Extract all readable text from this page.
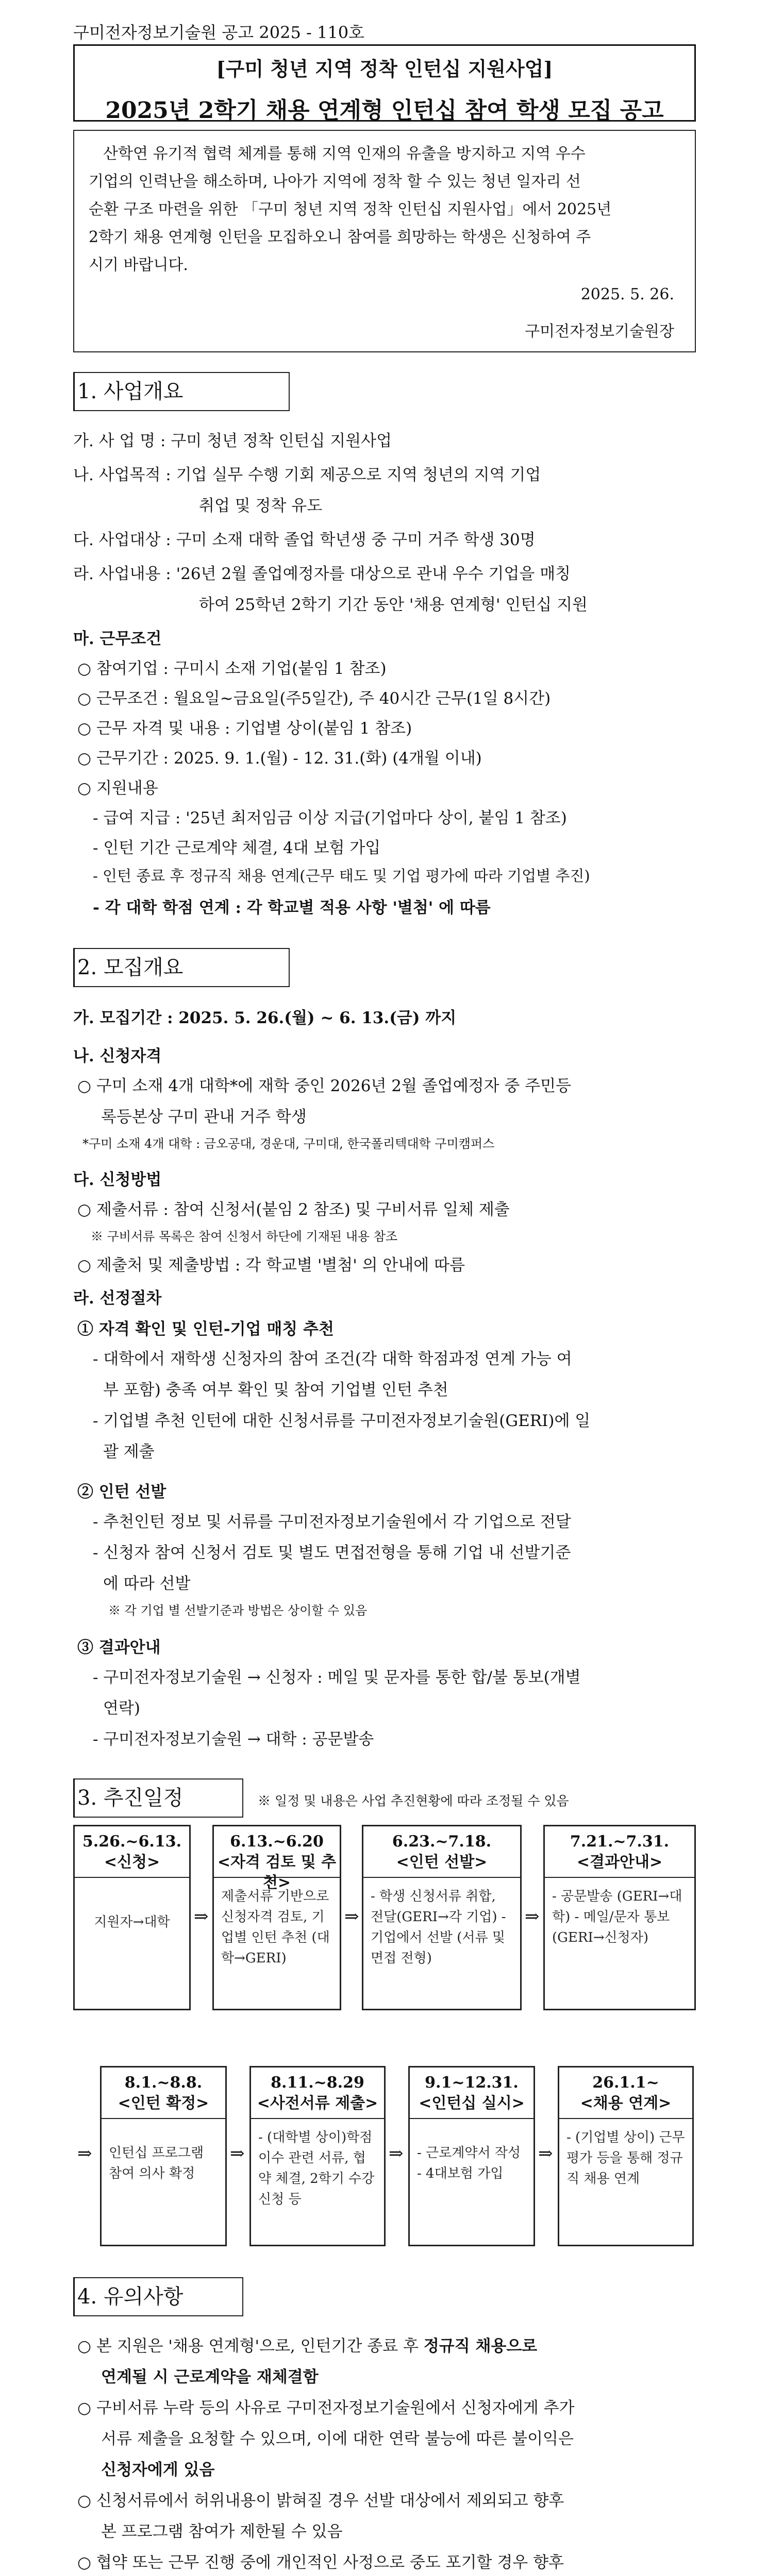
구미전자정보기술원 공고 2025 - 110호
[구미 청년 지역 정착 인턴십 지원사업]
2025년 2학기 채용 연계형 인턴십 참여 학생 모집 공고
산학연 유기적 협력 체계를 통해 지역 인재의 유출을 방지하고 지역 우수
기업의 인력난을 해소하며, 나아가 지역에 정착 할 수 있는 청년 일자리 선
순환 구조 마련을 위한 「구미 청년 지역 정착 인턴십 지원사업」에서 2025년
2학기 채용 연계형 인턴을 모집하오니 참여를 희망하는 학생은 신청하여 주
시기 바랍니다.
2025. 5. 26.
구미전자정보기술원장
1. 사업개요
가. 사 업 명 : 구미 청년 정착 인턴십 지원사업
나. 사업목적 : 기업 실무 수행 기회 제공으로 지역 청년의 지역 기업
취업 및 정착 유도
다. 사업대상 : 구미 소재 대학 졸업 학년생 중 구미 거주 학생 30명
라. 사업내용 : '26년 2월 졸업예정자를 대상으로 관내 우수 기업을 매칭
하여 25학년 2학기 기간 동안 '채용 연계형' 인턴십 지원
마. 근무조건
○ 참여기업 : 구미시 소재 기업(붙임 1 참조)
○ 근무조건 : 월요일~금요일(주5일간), 주 40시간 근무(1일 8시간)
○ 근무 자격 및 내용 : 기업별 상이(붙임 1 참조)
○ 근무기간 : 2025. 9. 1.(월) - 12. 31.(화) (4개월 이내)
○ 지원내용
- 급여 지급 : '25년 최저임금 이상 지급(기업마다 상이, 붙임 1 참조)
- 인턴 기간 근로계약 체결, 4대 보험 가입
- 인턴 종료 후 정규직 채용 연계(근무 태도 및 기업 평가에 따라 기업별 추진)
- 각 대학 학점 연계 : 각 학교별 적용 사항 '별첨' 에 따름
2. 모집개요
가. 모집기간 : 2025. 5. 26.(월) ~ 6. 13.(금) 까지
나. 신청자격
○ 구미 소재 4개 대학*에 재학 중인 2026년 2월 졸업예정자 중 주민등
록등본상 구미 관내 거주 학생
*구미 소재 4개 대학 : 금오공대, 경운대, 구미대, 한국폴리텍대학 구미캠퍼스
다. 신청방법
○ 제출서류 : 참여 신청서(붙임 2 참조) 및 구비서류 일체 제출
※ 구비서류 목록은 참여 신청서 하단에 기재된 내용 참조
○ 제출처 및 제출방법 : 각 학교별 '별첨' 의 안내에 따름
라. 선정절차
① 자격 확인 및 인턴-기업 매칭 추천
- 대학에서 재학생 신청자의 참여 조건(각 대학 학점과정 연계 가능 여
부 포함) 충족 여부 확인 및 참여 기업별 인턴 추천
- 기업별 추천 인턴에 대한 신청서류를 구미전자정보기술원(GERI)에 일
괄 제출
② 인턴 선발
- 추천인턴 정보 및 서류를 구미전자정보기술원에서 각 기업으로 전달
- 신청자 참여 신청서 검토 및 별도 면접전형을 통해 기업 내 선발기준
에 따라 선발
※ 각 기업 별 선발기준과 방법은 상이할 수 있음
③ 결과안내
- 구미전자정보기술원 → 신청자 : 메일 및 문자를 통한 합/불 통보(개별
연락)
- 구미전자정보기술원 → 대학 : 공문발송
3. 추진일정	※ 일정 및 내용은 사업 추진현황에 따라 조정될 수 있음
5.26.~6.13.
<신청>
지원자→대학	⇒
6.13.~6.20
<자격 검토 및 추천>
제출서류 기반으로 신청자격 검토, 기업별 인턴 추천 (대학→GERI)
⇒
6.23.~7.18.
<인턴 선발>
- 학생 신청서류 취합, 전달(GERI→각 기업) - 기업에서 선발 (서류 및 면접 전형)
⇒
7.21.~7.31.
<결과안내>
- 공문발송 (GERI→대학) - 메일/문자 통보 (GERI→신청자)
⇒
8.1.~8.8.
<인턴 확정>
인턴십 프로그램 참여 의사 확정
⇒
8.11.~8.29
<사전서류 제출>
- (대학별 상이)학점 이수 관련 서류, 협약 체결, 2학기 수강 신청 등
⇒
9.1~12.31.
<인턴십 실시>
- 근로계약서 작성 - 4대보험 가입
⇒
26.1.1~
<채용 연계>
- (기업별 상이) 근무 평가 등을 통해 정규직 채용 연계
4. 유의사항
○ 본 지원은 '채용 연계형'으로, 인턴기간 종료 후 정규직 채용으로
연계될 시 근로계약을 재체결함
○ 구비서류 누락 등의 사유로 구미전자정보기술원에서 신청자에게 추가
서류 제출을 요청할 수 있으며, 이에 대한 연락 불능에 따른 불이익은
신청자에게 있음
○ 신청서류에서 허위내용이 밝혀질 경우 선발 대상에서 제외되고 향후
본 프로그램 참여가 제한될 수 있음
○ 협약 또는 근무 진행 중에 개인적인 사정으로 중도 포기할 경우 향후
